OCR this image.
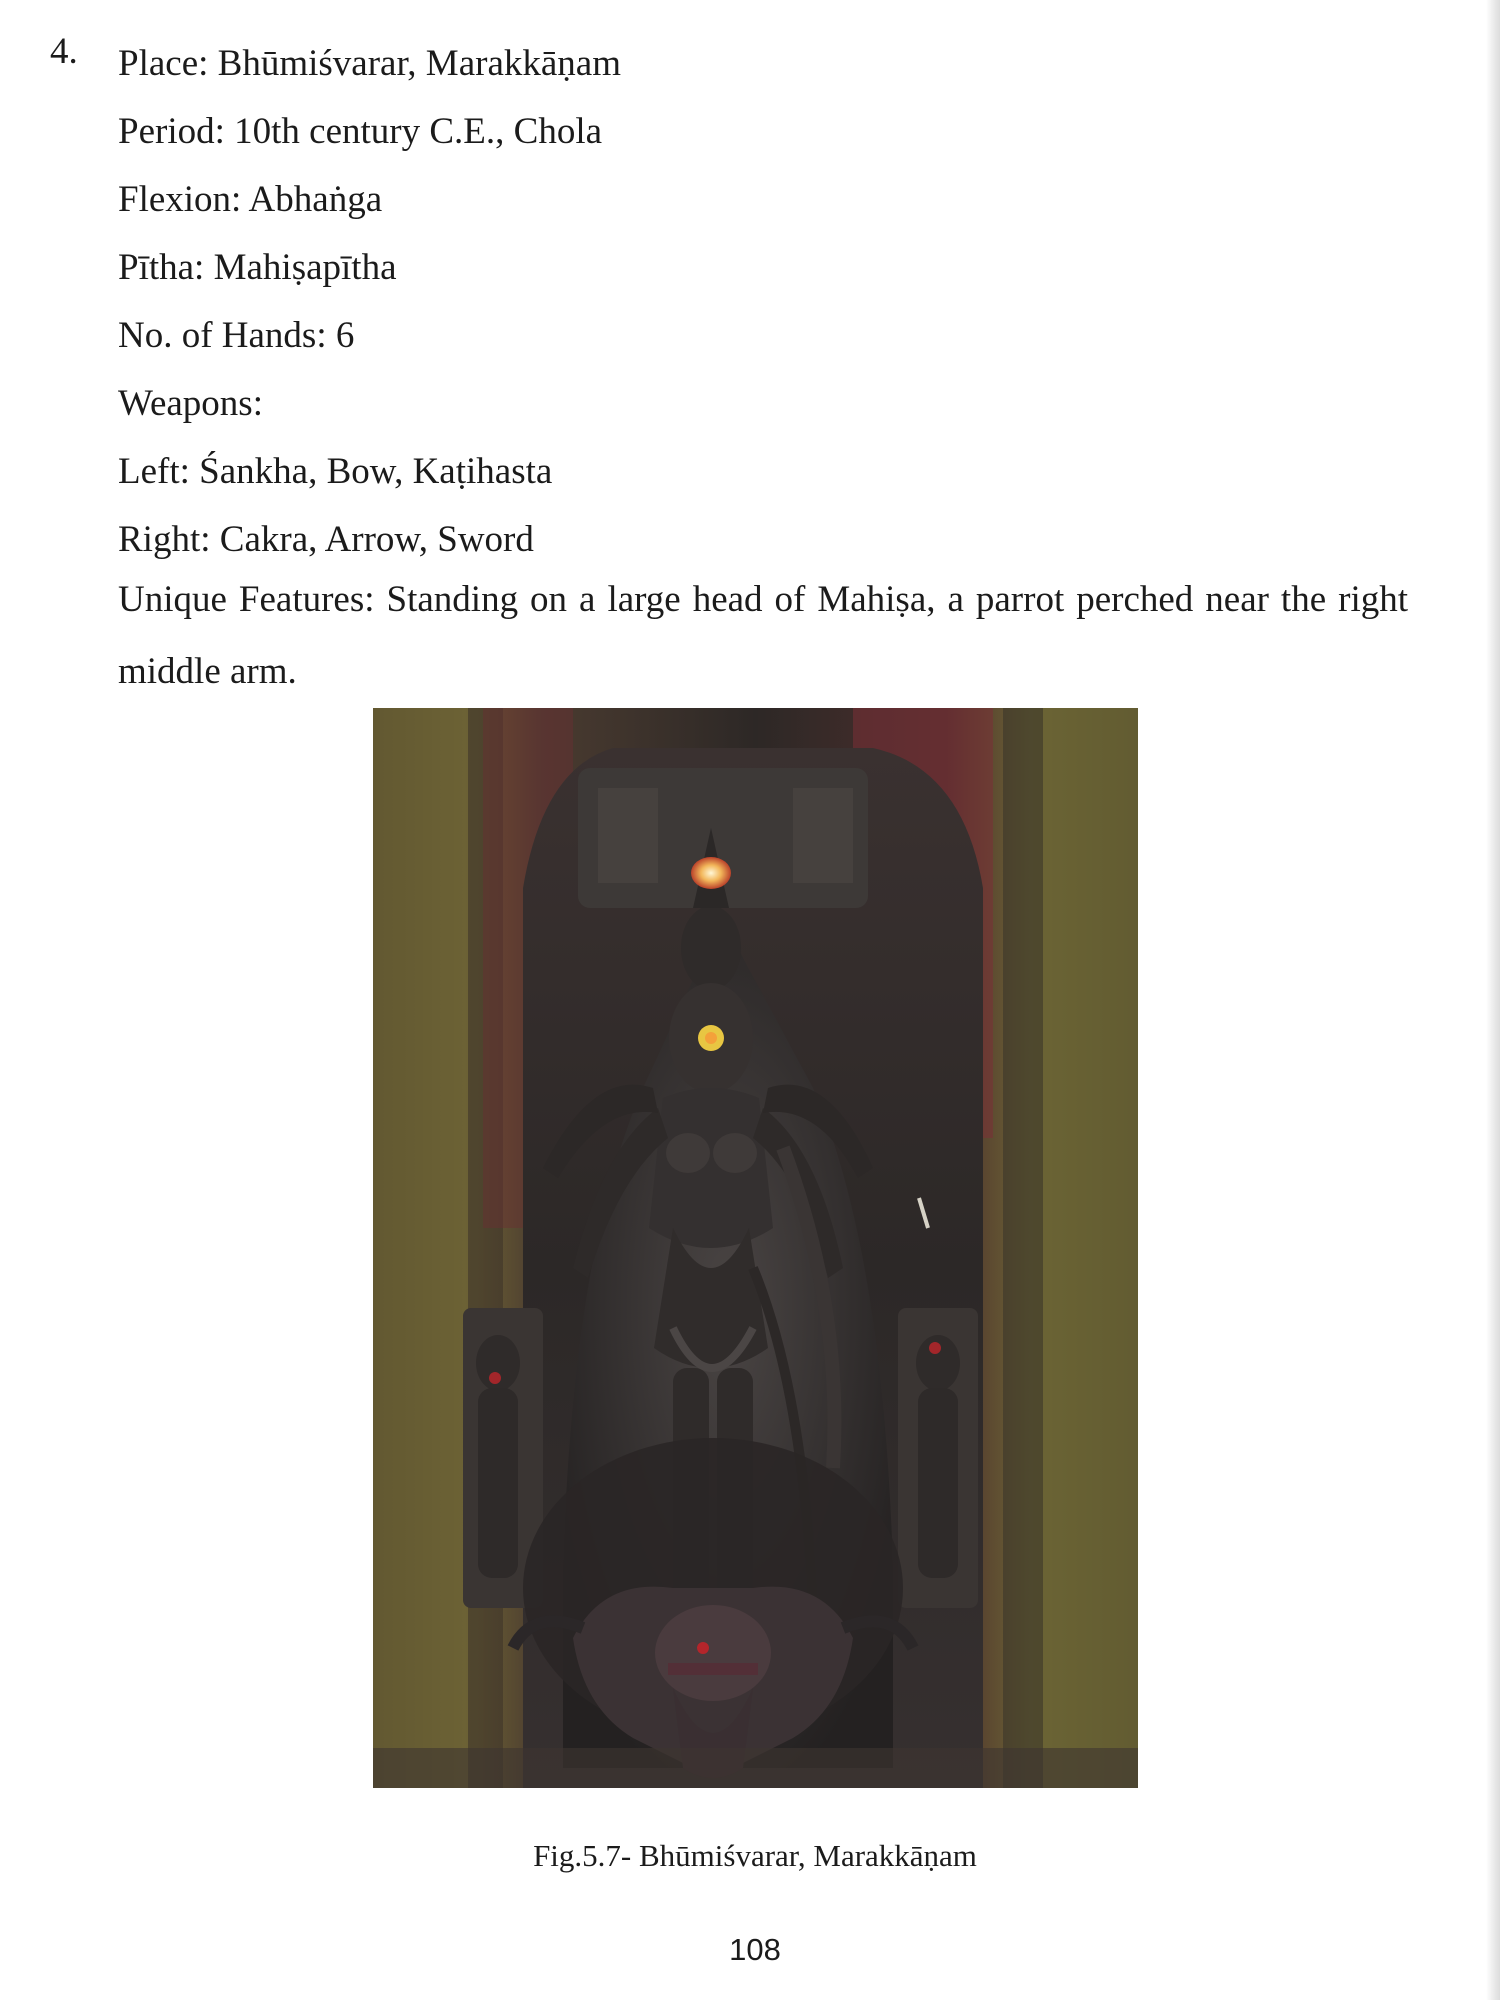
4. Place: Bhūmiśvarar, Marakkāṇam
Period: 10th century C.E., Chola
Flexion: Abhaṅga
Pītha: Mahiṣapītha
No. of Hands: 6
Weapons:
Left: Śankha, Bow, Kaṭihasta
Right: Cakra, Arrow, Sword
Unique Features: Standing on a large head of Mahiṣa, a parrot perched near the right middle arm.
Fig.5.7- Bhūmiśvarar, Marakkāṇam
108
